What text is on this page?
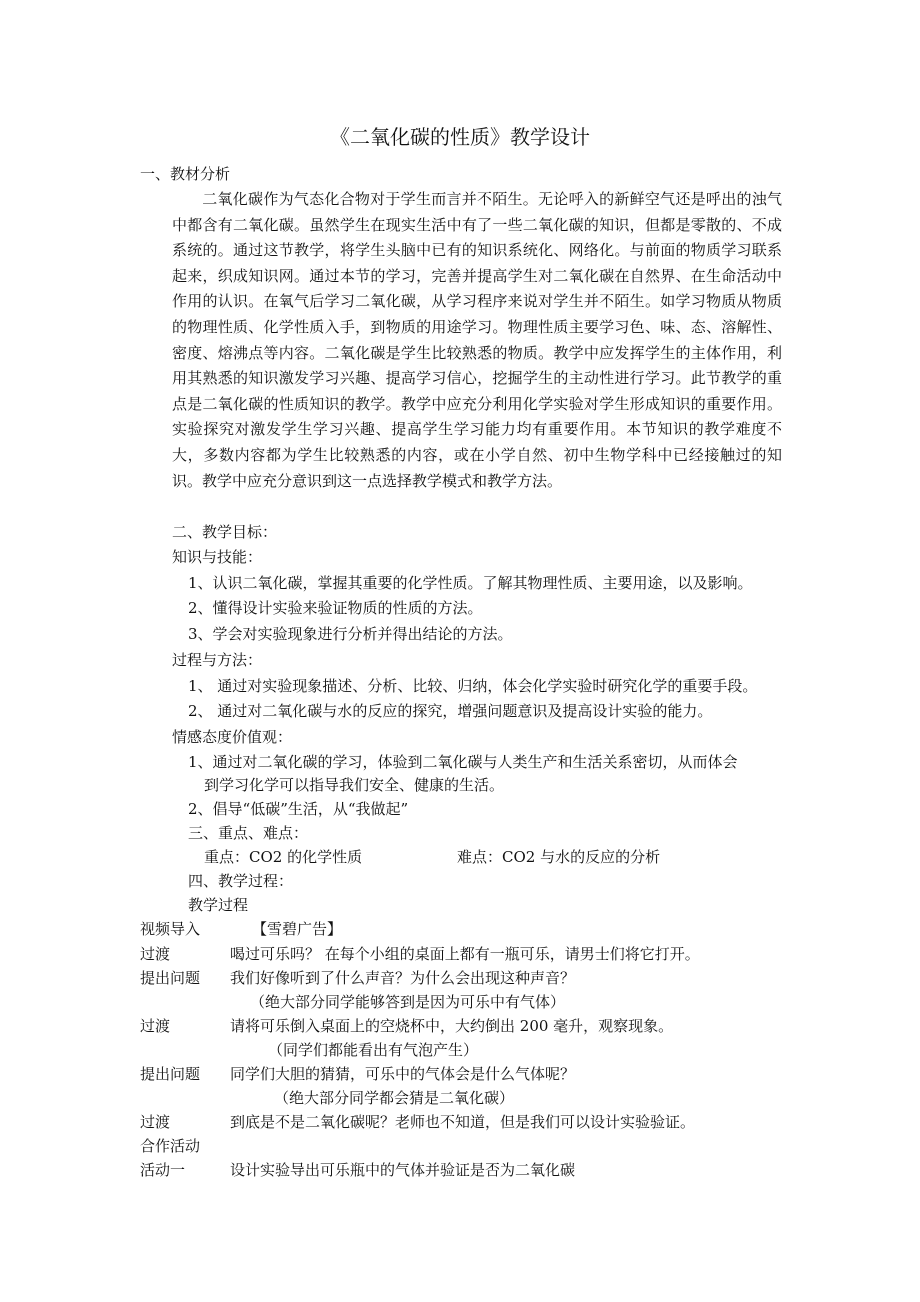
《二氧化碳的性质》教学设计
一、教材分析
二氧化碳作为气态化合物对于学生而言并不陌生。无论呼入的新鲜空气还是呼出的浊气中都含有二氧化碳。虽然学生在现实生活中有了一些二氧化碳的知识，但都是零散的、不成系统的。通过这节教学，将学生头脑中已有的知识系统化、网络化。与前面的物质学习联系起来，织成知识网。通过本节的学习，完善并提高学生对二氧化碳在自然界、在生命活动中作用的认识。在氧气后学习二氧化碳，从学习程序来说对学生并不陌生。如学习物质从物质的物理性质、化学性质入手，到物质的用途学习。物理性质主要学习色、味、态、溶解性、密度、熔沸点等内容。二氧化碳是学生比较熟悉的物质。教学中应发挥学生的主体作用，利用其熟悉的知识激发学习兴趣、提高学习信心，挖掘学生的主动性进行学习。此节教学的重点是二氧化碳的性质知识的教学。教学中应充分利用化学实验对学生形成知识的重要作用。实验探究对激发学生学习兴趣、提高学生学习能力均有重要作用。本节知识的教学难度不大，多数内容都为学生比较熟悉的内容，或在小学自然、初中生物学科中已经接触过的知识。教学中应充分意识到这一点选择教学模式和教学方法。
二、教学目标：
知识与技能：
1、认识二氧化碳，掌握其重要的化学性质。了解其物理性质、主要用途，以及影响。
2、懂得设计实验来验证物质的性质的方法。
3、学会对实验现象进行分析并得出结论的方法。
过程与方法：
1、 通过对实验现象描述、分析、比较、归纳，体会化学实验时研究化学的重要手段。
2、 通过对二氧化碳与水的反应的探究，增强问题意识及提高设计实验的能力。
情感态度价值观：
1、通过对二氧化碳的学习，体验到二氧化碳与人类生产和生活关系密切，从而体会
到学习化学可以指导我们安全、健康的生活。
2、倡导“低碳”生活，从“我做起”
三、重点、难点：
重点：CO2 的化学性质	难点：CO2 与水的反应的分析
四、教学过程：
教学过程
视频导入	【雪碧广告】
过渡	喝过可乐吗？ 在每个小组的桌面上都有一瓶可乐，请男士们将它打开。
提出问题 我们好像听到了什么声音？为什么会出现这种声音？
（绝大部分同学能够答到是因为可乐中有气体）
过渡	请将可乐倒入桌面上的空烧杯中，大约倒出 200 毫升，观察现象。
（同学们都能看出有气泡产生）
提出问题 同学们大胆的猜猜，可乐中的气体会是什么气体呢？
（绝大部分同学都会猜是二氧化碳）
过渡	到底是不是二氧化碳呢？老师也不知道，但是我们可以设计实验验证。
合作活动
活动一	设计实验导出可乐瓶中的气体并验证是否为二氧化碳
